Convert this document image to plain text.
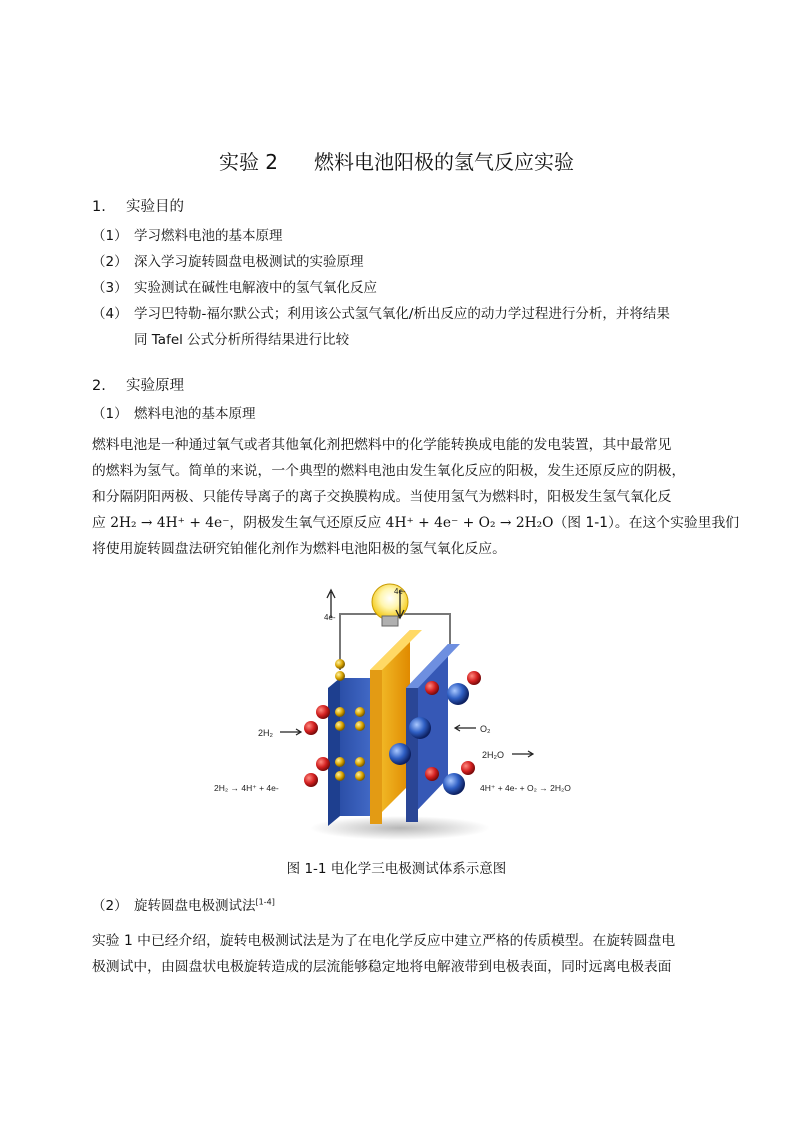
实验 2 燃料电池阳极的氢气反应实验
1. 实验目的
（1） 学习燃料电池的基本原理
（2） 深入学习旋转圆盘电极测试的实验原理
（3） 实验测试在碱性电解液中的氢气氧化反应
（4） 学习巴特勒-福尔默公式；利用该公式氢气氧化/析出反应的动力学过程进行分析，并将结果
同 Tafel 公式分析所得结果进行比较
2. 实验原理
（1） 燃料电池的基本原理
燃料电池是一种通过氧气或者其他氧化剂把燃料中的化学能转换成电能的发电装置，其中最常见
的燃料为氢气。简单的来说，一个典型的燃料电池由发生氧化反应的阳极，发生还原反应的阴极，
和分隔阴阳两极、只能传导离子的离子交换膜构成。当使用氢气为燃料时，阳极发生氢气氧化反
应 2H₂ → 4H⁺ + 4e⁻，阴极发生氧气还原反应 4H⁺ + 4e⁻ + O₂ → 2H₂O（图 1-1）。在这个实验里我们
将使用旋转圆盘法研究铂催化剂作为燃料电池阳极的氢气氧化反应。
4e-
4e-
2H₂	O₂
2H₂O
2H₂ → 4H⁺ + 4e-	4H⁺ + 4e- + O₂ → 2H₂O
图 1-1 电化学三电极测试体系示意图
（2） 旋转圆盘电极测试法[1-4]
实验 1 中已经介绍，旋转电极测试法是为了在电化学反应中建立严格的传质模型。在旋转圆盘电
极测试中，由圆盘状电极旋转造成的层流能够稳定地将电解液带到电极表面，同时远离电极表面
